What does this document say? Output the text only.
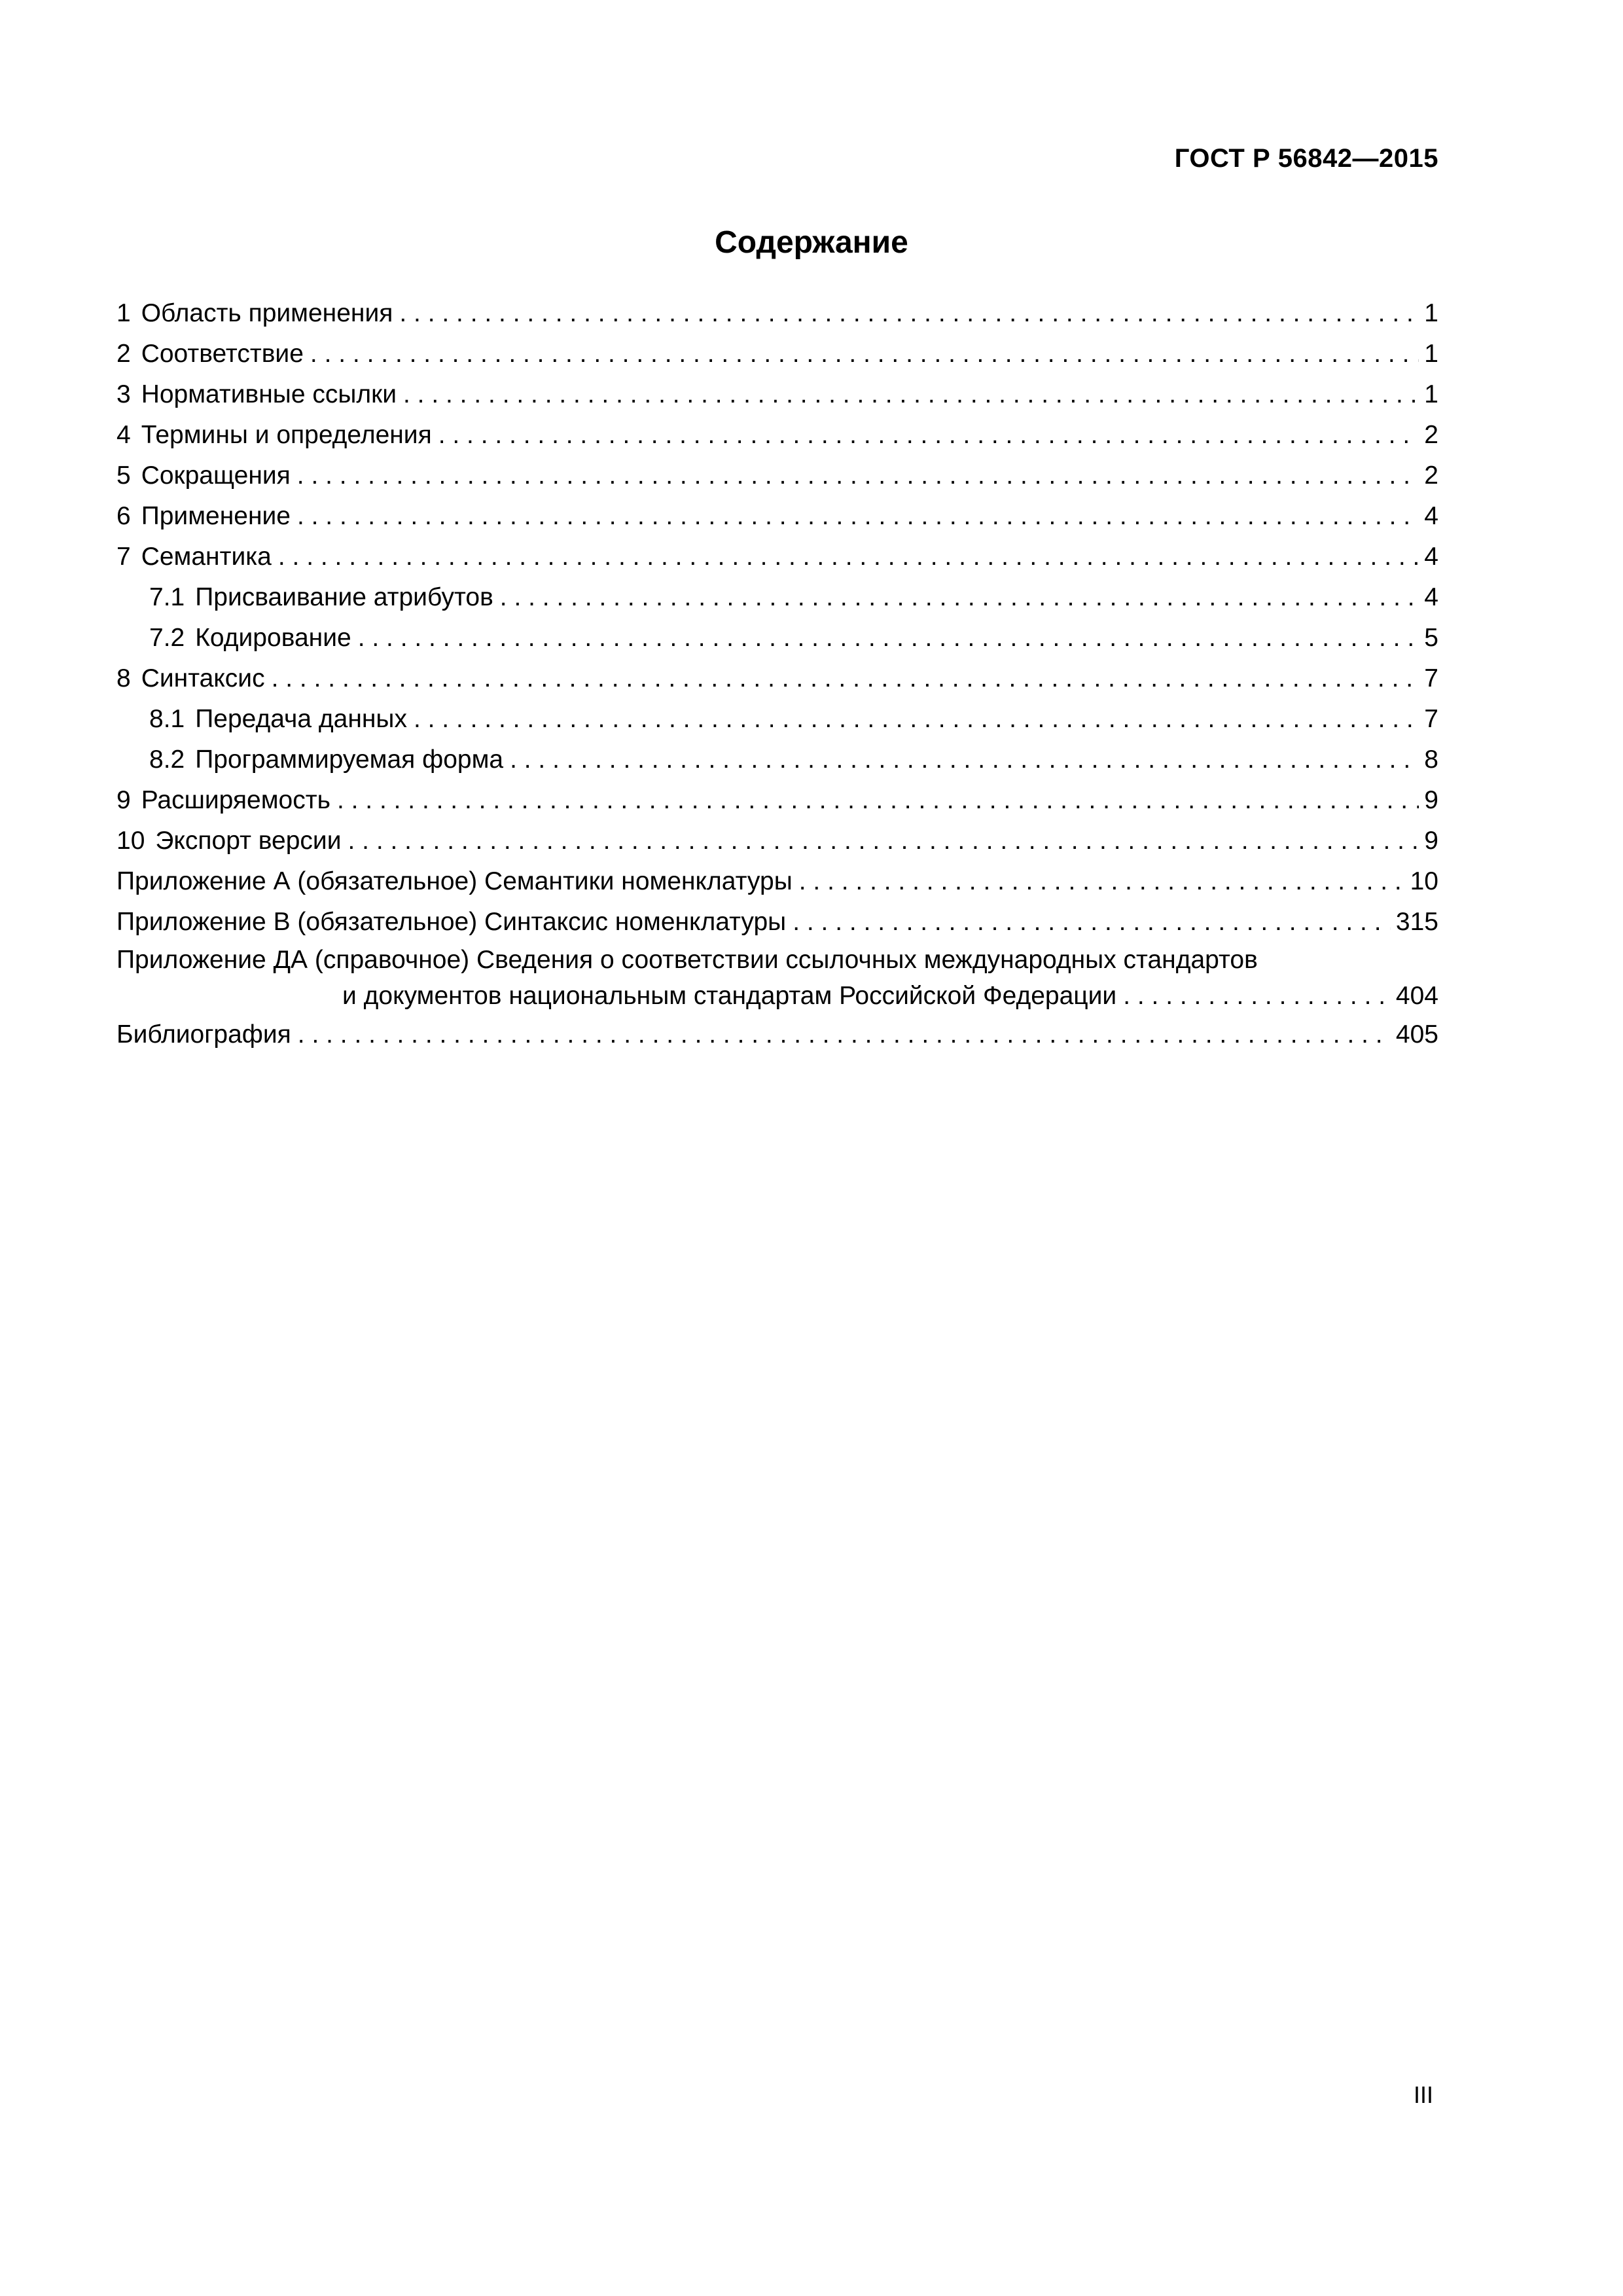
ГОСТ Р 56842—2015
Содержание
1 Область применения . . .	1
2 Соответствие . . .	1
3 Нормативные ссылки . . .	1
4 Термины и определения . . .	2
5 Сокращения . . .	2
6 Применение . . .	4
7 Семантика . . .	4
7.1 Присваивание атрибутов . . .	4
7.2 Кодирование . . .	5
8 Синтаксис . . .	7
8.1 Передача данных . . .	7
8.2 Программируемая форма . . .	8
9 Расширяемость . . .	9
10 Экспорт версии . . .	9
Приложение А (обязательное) Семантики номенклатуры . . .	10
Приложение В (обязательное) Синтаксис номенклатуры . . .	315
Приложение ДА (справочное) Сведения о соответствии ссылочных международных стандартов
и документов национальным стандартам Российской Федерации . . .	404
Библиография . . .	405
III
